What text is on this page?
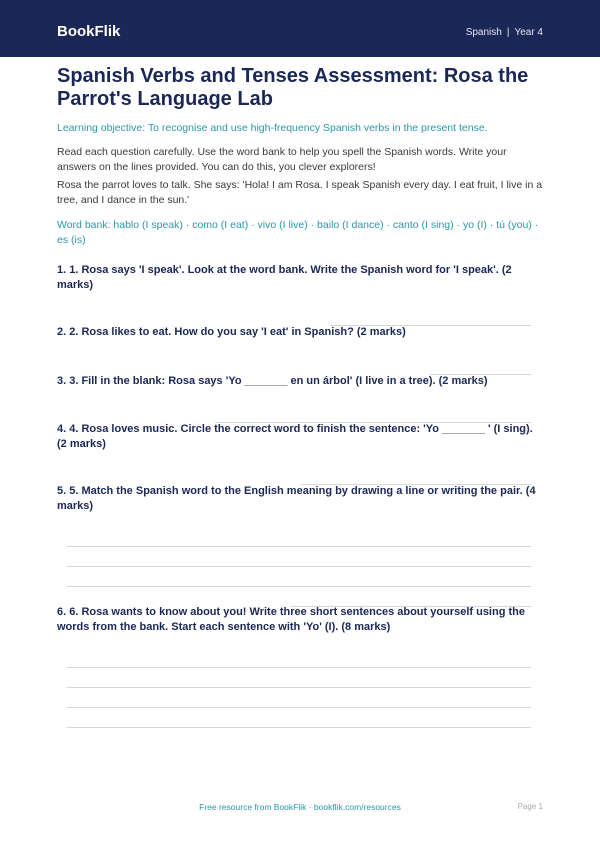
BookFlik	Spanish | Year 4
Spanish Verbs and Tenses Assessment: Rosa the Parrot's Language Lab

Learning objective: To recognise and use high-frequency Spanish verbs in the present tense.

Read each question carefully. Use the word bank to help you spell the Spanish words. Write your answers on the lines provided. You can do this, you clever explorers!

Rosa the parrot loves to talk. She says: 'Hola! I am Rosa. I speak Spanish every day. I eat fruit, I live in a tree, and I dance in the sun.'

Word bank: hablo (I speak) · como (I eat) · vivo (I live) · bailo (I dance) · canto (I sing) · yo (I) · tú (you) · es (is)

1. 1. Rosa says 'I speak'. Look at the word bank. Write the Spanish word for 'I speak'. (2 marks)

2. 2. Rosa likes to eat. How do you say 'I eat' in Spanish? (2 marks)

3. 3. Fill in the blank: Rosa says 'Yo _______ en un árbol' (I live in a tree). (2 marks)

4. 4. Rosa loves music. Circle the correct word to finish the sentence: 'Yo _______ ' (I sing). (2 marks)

5. 5. Match the Spanish word to the English meaning by drawing a line or writing the pair. (4 marks)

6. 6. Rosa wants to know about you! Write three short sentences about yourself using the words from the bank. Start each sentence with 'Yo' (I). (8 marks)

Free resource from BookFlik · bookflik.com/resources	Page 1
